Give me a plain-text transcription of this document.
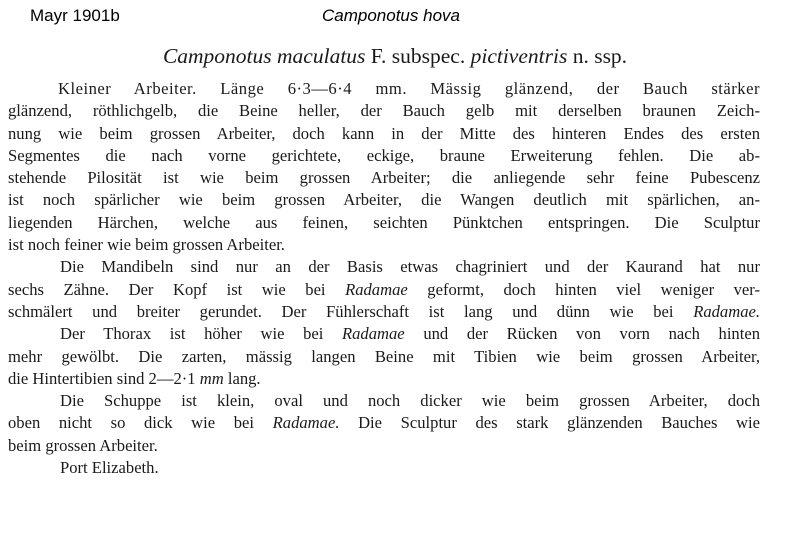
Mayr 1901b	Camponotus hova
Camponotus maculatus F. subspec. pictiventris n. ssp.
Kleiner Arbeiter. Länge 6·3—6·4 mm. Mässig glänzend, der Bauch stärker
glänzend, röthlichgelb, die Beine heller, der Bauch gelb mit derselben braunen Zeich-
nung wie beim grossen Arbeiter, doch kann in der Mitte des hinteren Endes des ersten
Segmentes die nach vorne gerichtete, eckige, braune Erweiterung fehlen. Die ab-
stehende Pilosität ist wie beim grossen Arbeiter; die anliegende sehr feine Pubescenz
ist noch spärlicher wie beim grossen Arbeiter, die Wangen deutlich mit spärlichen, an-
liegenden Härchen, welche aus feinen, seichten Pünktchen entspringen. Die Sculptur
ist noch feiner wie beim grossen Arbeiter.
Die Mandibeln sind nur an der Basis etwas chagriniert und der Kaurand hat nur
sechs Zähne. Der Kopf ist wie bei Radamae geformt, doch hinten viel weniger ver-
schmälert und breiter gerundet. Der Fühlerschaft ist lang und dünn wie bei Radamae.
Der Thorax ist höher wie bei Radamae und der Rücken von vorn nach hinten
mehr gewölbt. Die zarten, mässig langen Beine mit Tibien wie beim grossen Arbeiter,
die Hintertibien sind 2—2·1 mm lang.
Die Schuppe ist klein, oval und noch dicker wie beim grossen Arbeiter, doch
oben nicht so dick wie bei Radamae. Die Sculptur des stark glänzenden Bauches wie
beim grossen Arbeiter.
Port Elizabeth.
